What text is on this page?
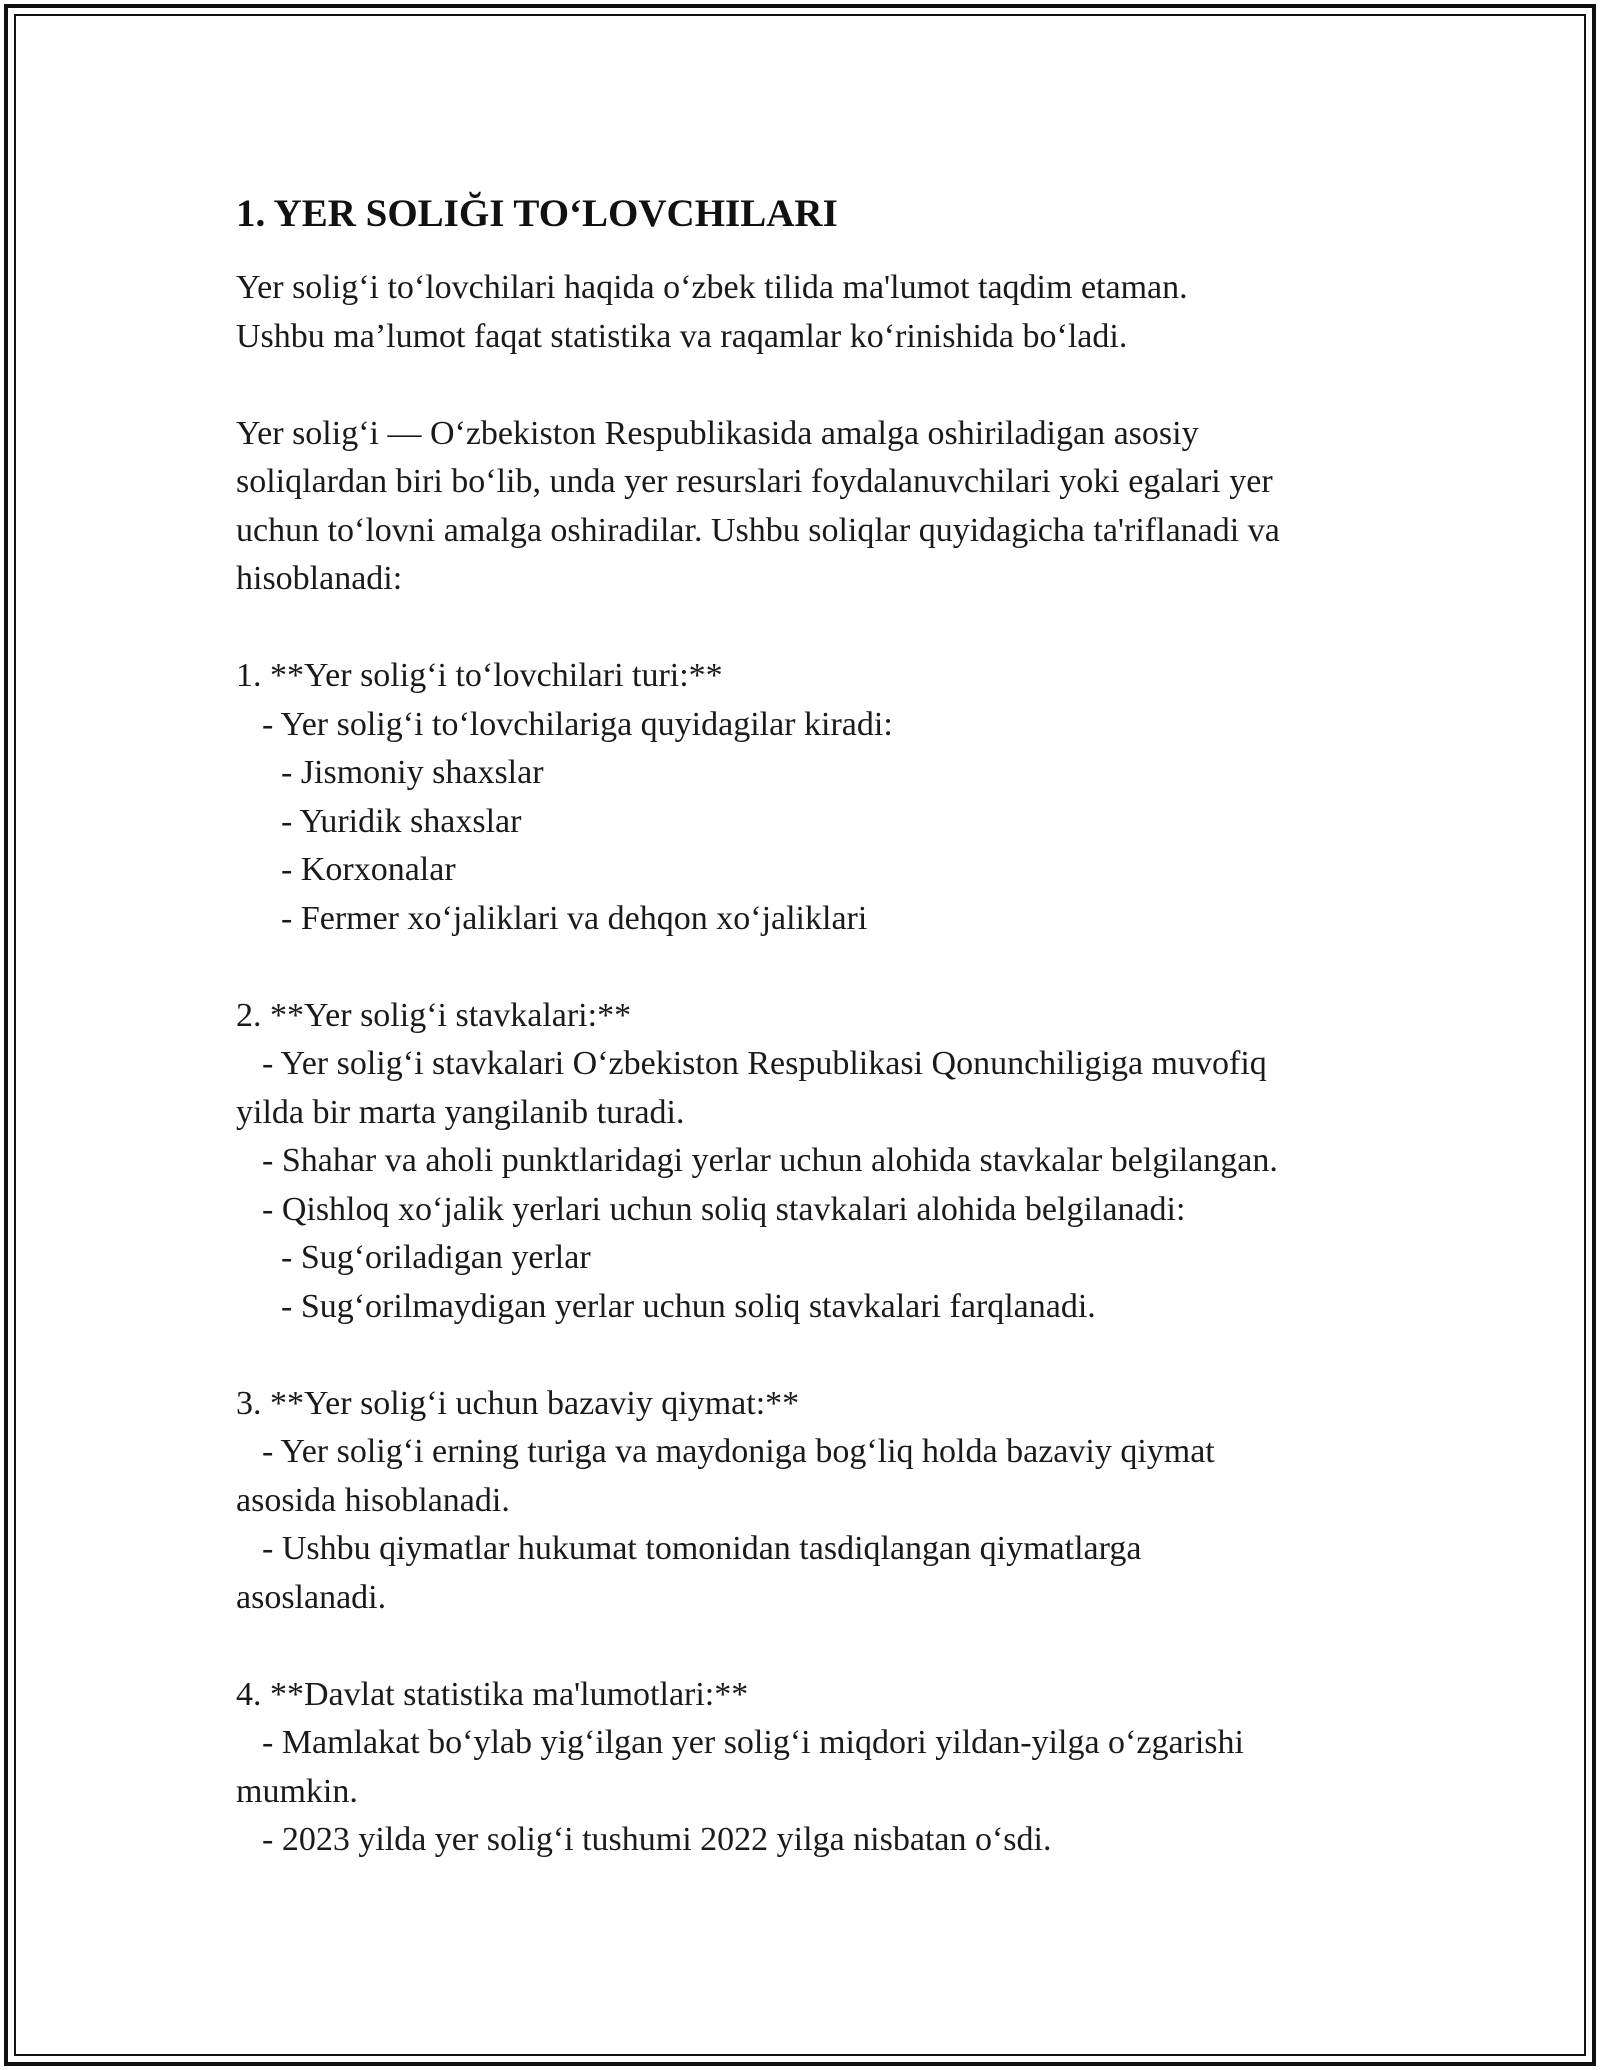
1. YER SOLIĞI TO‘LOVCHILARI

Yer solig‘i to‘lovchilari haqida o‘zbek tilida ma'lumot taqdim etaman.

Ushbu ma’lumot faqat statistika va raqamlar ko‘rinishida bo‘ladi.

Yer solig‘i — O‘zbekiston Respublikasida amalga oshiriladigan asosiy

soliqlardan biri bo‘lib, unda yer resurslari foydalanuvchilari yoki egalari yer

uchun to‘lovni amalga oshiradilar. Ushbu soliqlar quyidagicha ta'riflanadi va

hisoblanadi:

1. **Yer solig‘i to‘lovchilari turi:**

- Yer solig‘i to‘lovchilariga quyidagilar kiradi:

- Jismoniy shaxslar

- Yuridik shaxslar

- Korxonalar

- Fermer xo‘jaliklari va dehqon xo‘jaliklari

2. **Yer solig‘i stavkalari:**

- Yer solig‘i stavkalari O‘zbekiston Respublikasi Qonunchiligiga muvofiq

yilda bir marta yangilanib turadi.

- Shahar va aholi punktlaridagi yerlar uchun alohida stavkalar belgilangan.

- Qishloq xo‘jalik yerlari uchun soliq stavkalari alohida belgilanadi:

- Sug‘oriladigan yerlar

- Sug‘orilmaydigan yerlar uchun soliq stavkalari farqlanadi.

3. **Yer solig‘i uchun bazaviy qiymat:**

- Yer solig‘i erning turiga va maydoniga bog‘liq holda bazaviy qiymat

asosida hisoblanadi.

- Ushbu qiymatlar hukumat tomonidan tasdiqlangan qiymatlarga

asoslanadi.

4. **Davlat statistika ma'lumotlari:**

- Mamlakat bo‘ylab yig‘ilgan yer solig‘i miqdori yildan-yilga o‘zgarishi

mumkin.

- 2023 yilda yer solig‘i tushumi 2022 yilga nisbatan o‘sdi.
